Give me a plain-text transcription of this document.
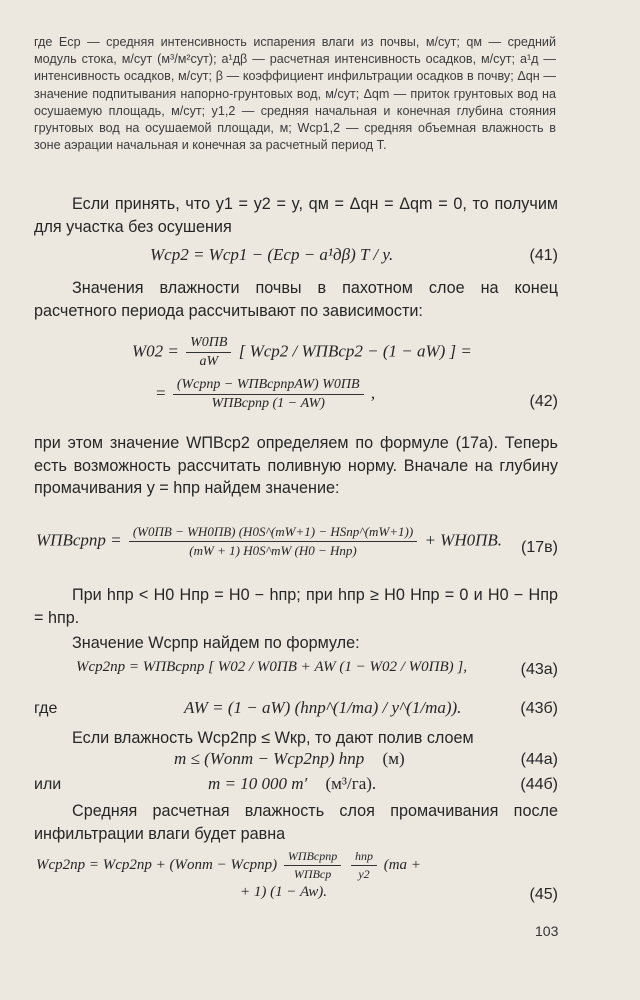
где Eср — средняя интенсивность испарения влаги из почвы, м/сут; qм — средний модуль стока, м/сут (м³/м²сут); a¹дβ — расчетная интенсивность осадков, м/сут; a¹д — интенсивность осадков, м/сут; β — коэффициент инфильтрации осадков в почву; Δqн — значение подпитывания напорно-грунтовых вод, м/сут; Δqm — приток грунтовых вод на осушаемую площадь, м/сут; y1,2 — средняя начальная и конечная глубина стояния грунтовых вод на осушаемой площади, м; Wср1,2 — средняя объемная влажность в зоне аэрации начальная и конечная за расчетный период T.
Если принять, что y1 = y2 = y, qм = Δqн = Δqm = 0, то получим для участка без осушения
Wср2 = Wср1 − (Eср − a¹дβ) T / y.	(41)
Значения влажности почвы в пахотном слое на конец расчетного периода рассчитывают по зависимости:
$W02 = \frac{W0ПВ}{aW}$ [ Wср2 / WПВср2 − (1 − aW) ] =
= $\frac{\text{(Wсрпр − WПВсрпрAW) W0ПВ}}{\text{WПВсрпр (1 − AW)}}$ ,	(42)
при этом значение WПВср2 определяем по формуле (17а). Теперь есть возможность рассчитать поливную норму. Вначале на глубину промачивания y = hпр найдем значение:
WПВсрпр = $\frac{\text{(W0ПВ − WН0ПВ) (H0S\textasciicircum{}(mW+1) − HSпр\textasciicircum{}(mW+1))}}{\text{(mW + 1) H0S\textasciicircum{}mW (H0 − Hпр)}} + WН0ПВ$. (17в)
При hпр < H0 Hпр = H0 − hпр; при hпр ≥ H0 Hпр = 0 и H0 − Hпр = hпр.
Значение Wсрпр найдем по формуле:
Wср2пр = WПВсрпр [ W02 / W0ПВ + AW (1 − W02 / W0ПВ) ],	(43а)
где	AW = (1 − aW) (hпр^(1/ma) / y^(1/ma)).	(43б)
Если влажность Wср2пр ≤ Wкр, то дают полив слоем
m ≤ (Wопт − Wср2пр) hпр (м)	(44а)
или	m = 10 000 m′ (м³/га).	(44б)
Средняя расчетная влажность слоя промачивания после инфильтрации влаги будет равна
Wср2пр = Wср2пр + (Wопт − Wсрпр) $\frac{\text{WПВсрпр}}{\text{WПВср}}$
$\frac{\text{hпр}}{y2} (ma$ +
+ 1) (1 − Aw).	(45)
103
